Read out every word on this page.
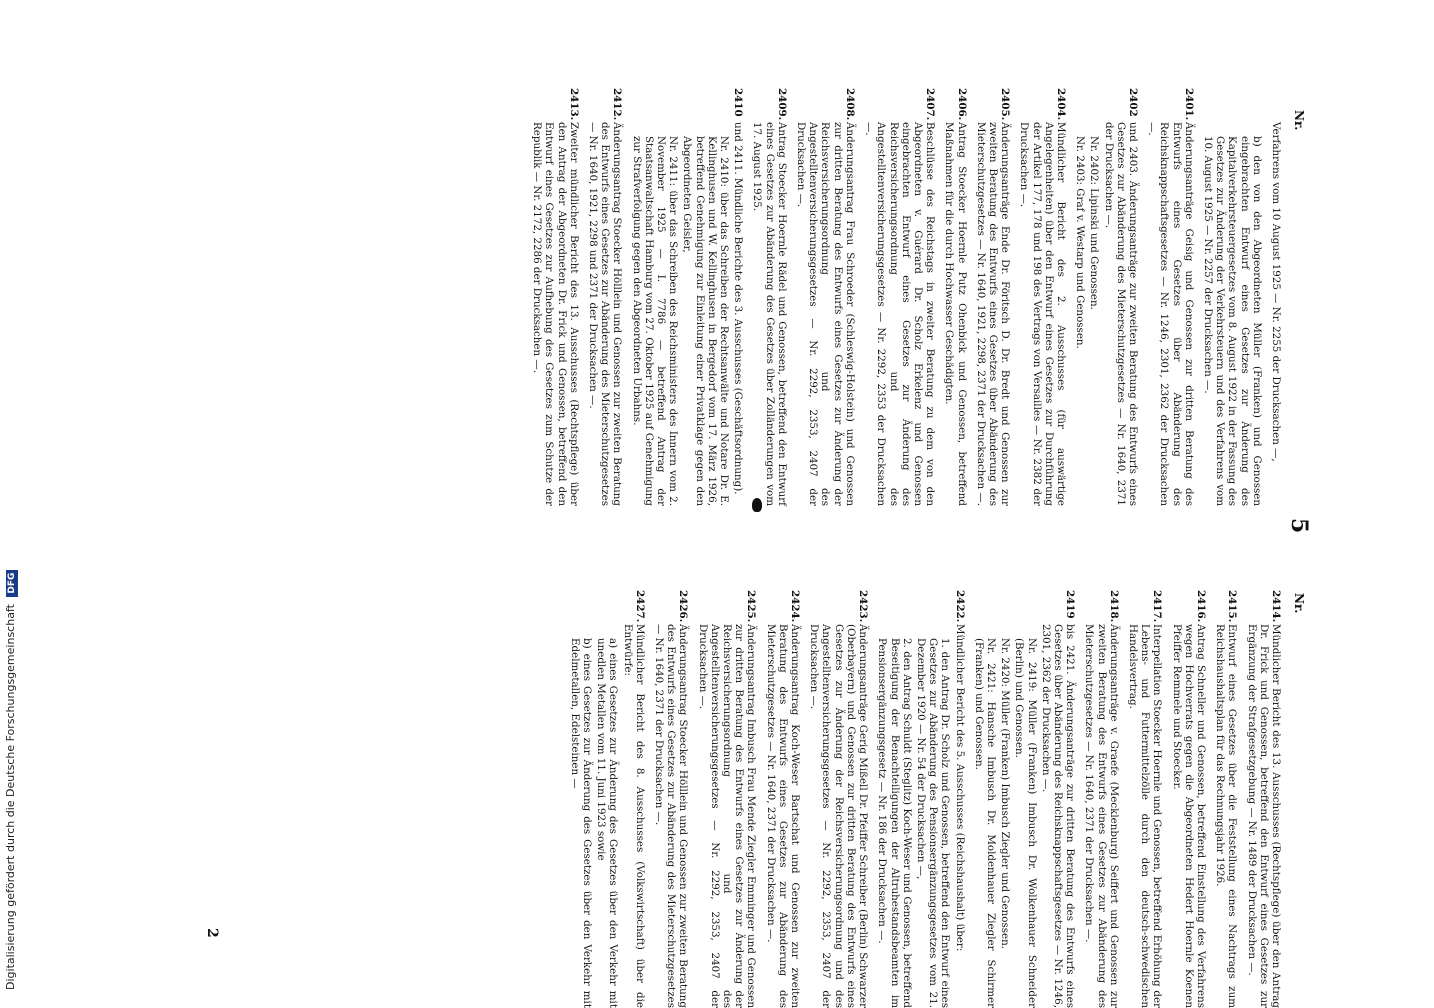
Digitalisierung gefördert durch die Deutsche Forschungsgemeinschaft DFG
Nr.
5
Nr.

Verfahrens vom 10 August 1925 — Nr. 2255 der Drucksachen —,

b) den von den Abgeordneten Müller (Franken) und Genossen eingebrachten Entwurf eines Gesetzes zur Änderung des Kapitalverkehrsteuergesetzes vom 8. August 1922 in der Fassung des Gesetzes zur Änderung der Verkehrsteuern und des Verfahrens vom 10. August 1925 — Nr. 2257 der Drucksachen —.

2401.

Änderungsanträge Geisig und Genossen zur dritten Beratung des Entwurfs eines Gesetzes über Abänderung des Reichsknappschaftsgesetzes — Nr. 1246, 2301, 2362 der Drucksachen —.

2402

und 2403. Änderungsanträge zur zweiten Beratung des Entwurfs eines Gesetzes zur Abänderung des Mieterschutzgesetzes — Nr. 1640, 2371 der Drucksachen —.

Nr. 2402: Lipinski und Genossen.

Nr. 2403: Graf v. Westarp und Genossen.

2404.

Mündlicher Bericht des 2. Ausschusses (für auswärtige Angelegenheiten) über den Entwurf eines Gesetzes zur Durchführung der Artikel 177, 178 und 198 des Vertrags von Versailles — Nr. 2382 der Drucksachen —.

2405.

Änderungsanträge Ende Dr. Föritsch D. Dr. Bredt und Genossen zur zweiten Beratung des Entwurfs eines Gesetzes über Abänderung des Mieterschutzgesetzes — Nr. 1640, 1921, 2298, 2371 der Drucksachen —.

2406.

Antrag Stoecker Hoernle Putz Ohenbick und Genossen, betreffend Maßnahmen für die durch Hochwasser Geschädigten.

2407.

Beschlüsse des Reichstags in zweiter Beratung zu dem von den Abgeordneten v. Guérard Dr. Scholz Erkelenz und Genossen eingebrachten Entwurf eines Gesetzes zur Änderung des Reichsversicherungsordnung und des Angestelltenversicherungsgesetzes — Nr. 2292, 2353 der Drucksachen —.

2408.

Änderungsantrag Frau Schroeder (Schleswig-Holstein) und Genossen zur dritten Beratung des Entwurfs eines Gesetzes zur Änderung der Reichsversicherungsordnung und des Angestelltenversicherungsgesetzes — Nr. 2292, 2353, 2407 der Drucksachen —.

2409.

Antrag Stoecker Hoernle Rädel und Genossen, betreffend den Entwurf eines Gesetzes zur Abänderung des Gesetzes über Zolländerungen vom 17. August 1925.

2410

und 2411. Mündliche Berichte des 3. Ausschusses (Geschäftsordnung).

Nr. 2410: über das Schreiben der Rechtsanwälte und Notare Dr. E. Kellinghusen und W. Kellinghusen in Bergedorf vom 17. März 1926, betreffend Genehmigung zur Einleitung einer Privatklage gegen den Abgeordneten Geisler,

Nr. 2411: über das Schreiben des Reichsministers des Innern vom 2. November 1925 — I. 7786 — betreffend Antrag der Staatsanwaltschaft Hamburg vom 27. Oktober 1925 auf Genehmigung zur Strafverfolgung gegen den Abgeordneten Urbahns.

2412.

Änderungsantrag Stoecker Hölllein und Genossen zur zweiten Beratung des Entwurfs eines Gesetzes zur Abänderung des Mieterschutzgesetzes — Nr. 1640, 1921, 2298 und 2371 der Drucksachen —.

2413.

Zweiter mündlicher Bericht des 13. Ausschusses (Rechtspflege) über den Antrag der Abgeordneten Dr. Frick und Genossen, betreffend den Entwurf eines Gesetzes zur Aufhebung des Gesetzes zum Schutze der Republik — Nr. 2172, 2286 der Drucksachen —.

2414.

Mündlicher Bericht des 13. Ausschusses (Rechtspflege) über den Antrag Dr. Frick und Genossen, betreffend den Entwurf eines Gesetzes zur Ergänzung der Strafgesetzgebung — Nr. 1489 der Drucksachen —.

2415.

Entwurf eines Gesetzes über die Feststellung eines Nachtrags zum Reichshaushaltsplan für das Rechnungsjahr 1926.

2416.

Antrag Schneller und Genossen, betreffend Einstellung des Verfahrens wegen Hochverrats gegen die Abgeordneten Hedert Hoernle Koenen Pfeiffer Remmele und Stoecker.

2417.

Interpellation Stoecker Hoernle und Genossen, betreffend Erhöhung der Lebens- und Futtermittelzölle durch den deutsch-schwedischen Handelsvertrag.

2418.

Änderungsanträge v. Graefe (Mecklenburg) Seiffert und Genossen zur zweiten Beratung des Entwurfs eines Gesetzes zur Abänderung des Mieterschutzgesetzes — Nr. 1640, 2371 der Drucksachen —.

2419

bis 2421. Änderungsanträge zur dritten Beratung des Entwurfs eines Gesetzes über Abänderung des Reichsknappschaftsgesetzes — Nr. 1246, 2301, 2362 der Drucksachen —.

Nr. 2419: Müller (Franken) Imbusch Dr. Wolkenhauer Schneider (Berlin) und Genossen.

Nr. 2420: Müller (Franken) Imbusch Ziegler und Genossen.

Nr. 2421: Hansche Imbusch Dr. Moldenhauer Ziegler Schirmer (Franken) und Genossen.

2422.

Mündlicher Bericht des 5. Ausschusses (Reichshaushalt) über:

1. den Antrag Dr. Scholz und Genossen, betreffend den Entwurf eines Gesetzes zur Abänderung des Pensionsergänzungsgesetzes vom 21. Dezember 1920 — Nr. 54 der Drucksachen —,

2. den Antrag Schuldt (Steglitz) Koch-Weser und Genossen, betreffend Beseitigung der Benachteiligungen der Altruhestandsbeamten im Pensionsergänzungsgesetz — Nr. 186 der Drucksachen —.

2423.

Änderungsanträge Gerig Mißell Dr. Pfeiffer Schreiber (Berlin) Schwarzer (Oberbayern) und Genossen zur dritten Beratung des Entwurfs eines Gesetzes zur Änderung der Reichsversicherungsordnung und des Angestelltenversicherungsgesetzes — Nr. 2292, 2353, 2407 der Drucksachen —.

2424.

Änderungsantrag Koch-Weser Bartschat und Genossen zur zweiten Beratung des Entwurfs eines Gesetzes zur Abänderung des Mieterschutzgesetzes — Nr. 1640, 2371 der Drucksachen —.

2425.

Änderungsantrag Imbusch Frau Mende Ziegler Emminger und Genossen zur dritten Beratung des Entwurfs eines Gesetzes zur Änderung der Reichsversicherungsordnung und des Angestelltenversicherungsgesetzes — Nr. 2292, 2353, 2407 der Drucksachen —.

2426.

Änderungsantrag Stoecker Hölllein und Genossen zur zweiten Beratung des Entwurfs eines Gesetzes zur Abänderung des Mieterschutzgesetzes — Nr. 1640, 2371 der Drucksachen —.

2427.

Mündlicher Bericht des 8. Ausschusses (Volkswirtschaft) über die Entwürfe:

a) eines Gesetzes zur Änderung des Gesetzes über den Verkehr mit unedlen Metallen vom 11. Juni 1923 sowie

b) eines Gesetzes zur Änderung des Gesetzes über den Verkehr mit Edelmetallen, Edelsteinen —

2
